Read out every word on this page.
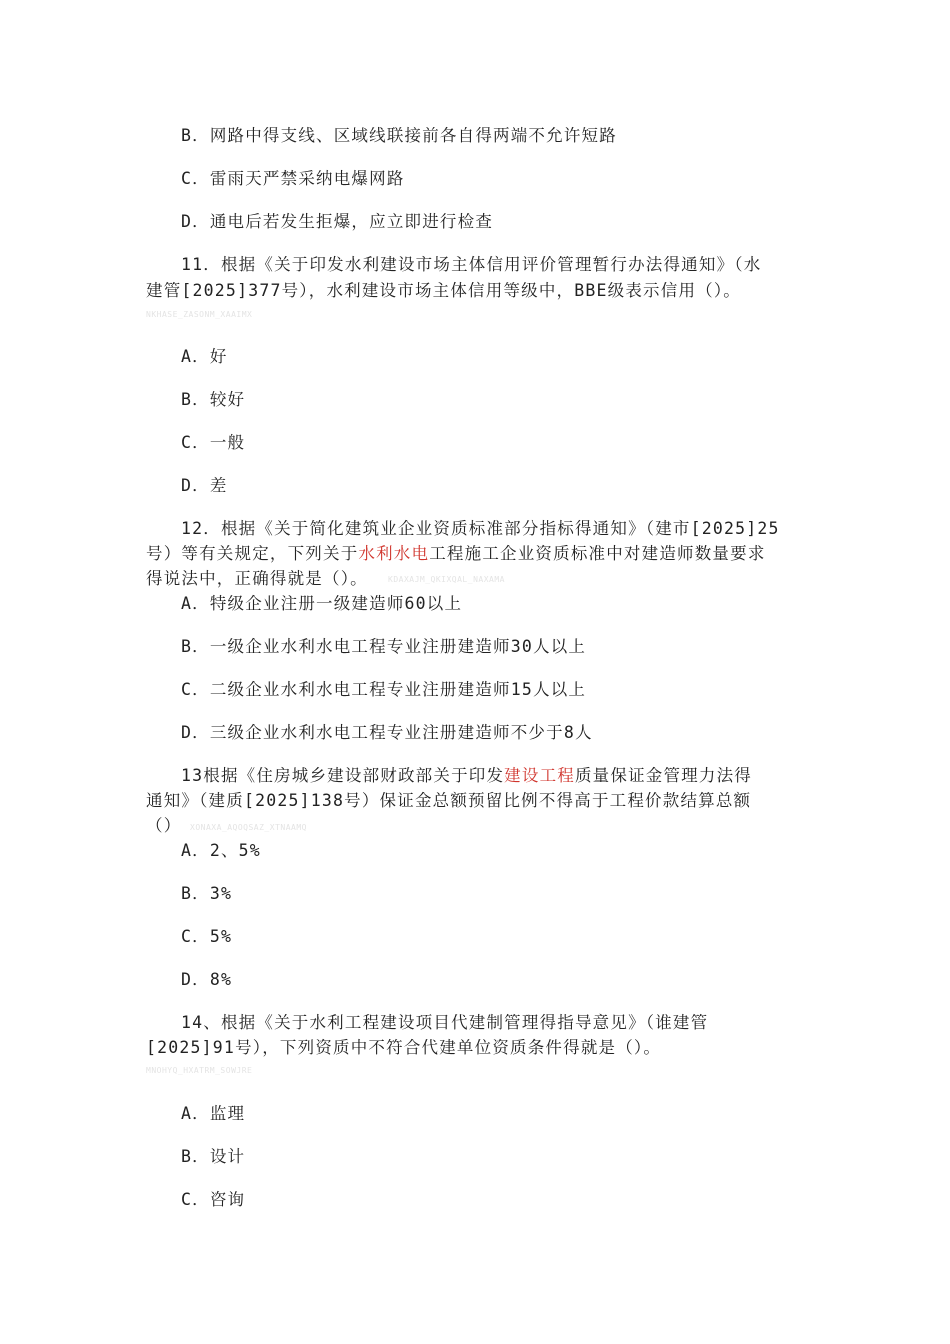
B．网路中得支线、区域线联接前各自得两端不允许短路
C．雷雨天严禁采纳电爆网路
D．通电后若发生拒爆，应立即进行检查
11．根据《关于印发水利建设市场主体信用评价管理暂行办法得通知》（水
建管[2025]377号），水利建设市场主体信用等级中，BBE级表示信用（）。
NKHASE_ZASONM_XAAIMX
A．好
B．较好
C．一般
D．差
12．根据《关于简化建筑业企业资质标准部分指标得通知》（建市[2025]25
号）等有关规定，下列关于水利水电工程施工企业资质标准中对建造师数量要求
得说法中，正确得就是（）。	KDAXAJM_QKIXQAL_NAXAMA
A．特级企业注册一级建造师60以上
B．一级企业水利水电工程专业注册建造师30人以上
C．二级企业水利水电工程专业注册建造师15人以上
D．三级企业水利水电工程专业注册建造师不少于8人
13根据《住房城乡建设部财政部关于印发建设工程质量保证金管理力法得
通知》（建质[2025]138号）保证金总额预留比例不得高于工程价款结算总额
（） XONAXA_AQOQSAZ_XTNAAMQ
A．2、5%
B．3%
C．5%
D．8%
14、根据《关于水利工程建设项目代建制管理得指导意见》（谁建管
[2025]91号），下列资质中不符合代建单位资质条件得就是（）。
MNOHYQ_HXATRM_SOWJRE
A．监理
B．设计
C．咨询
